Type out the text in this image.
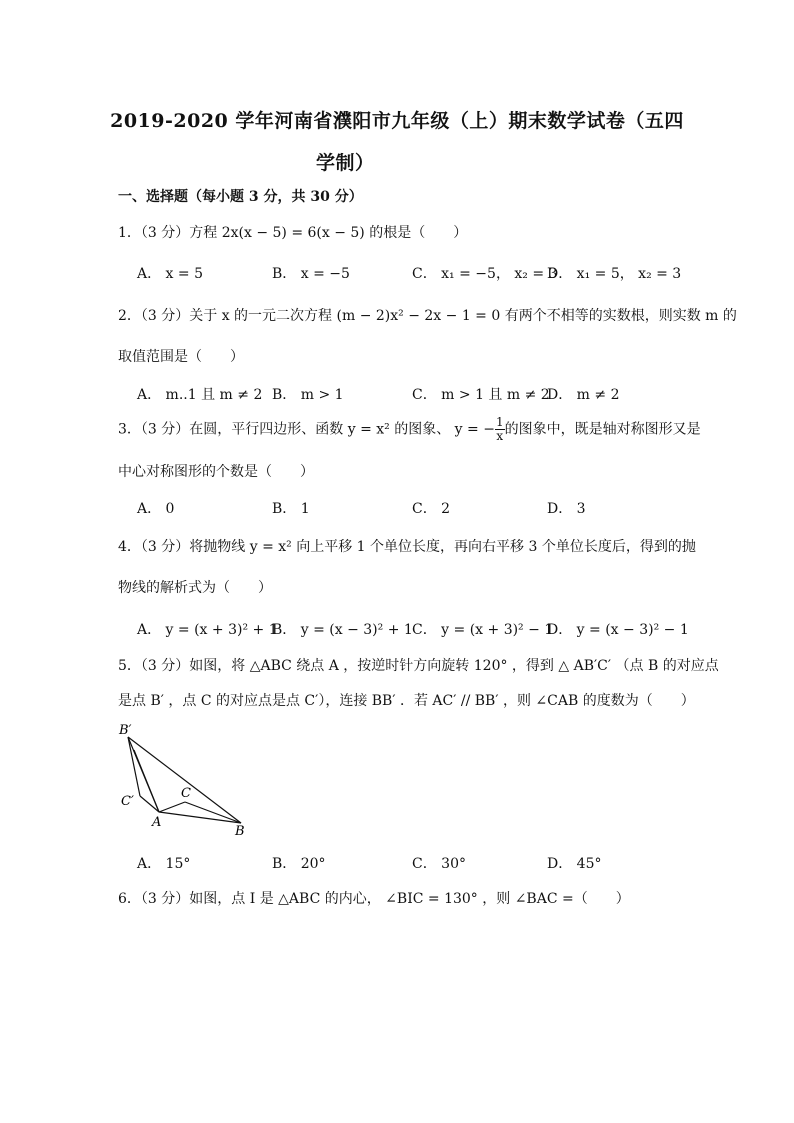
2019-2020 学年河南省濮阳市九年级（上）期末数学试卷（五四
学制）
一、选择题（每小题 3 分，共 30 分）
1．（3 分）方程 2x(x − 5) = 6(x − 5) 的根是（　　）
A． x = 5	B． x = −5	C． x₁ = −5， x₂ = 3
D． x₁ = 5， x₂ = 3
2．（3 分）关于 x 的一元二次方程 (m − 2)x² − 2x − 1 = 0 有两个不相等的实数根，则实数 m 的
取值范围是（　　）
A． m..1 且 m ≠ 2 B． m > 1	C． m > 1 且 m ≠ 2
D． m ≠ 2
3．（3 分）在圆，平行四边形、函数 y = x² 的图象、 y = − $\frac{1}{x}$ 的图象中，既是轴对称图形又是
中心对称图形的个数是（　　）
A． 0	B． 1	C． 2	D． 3
4．（3 分）将抛物线 y = x² 向上平移 1 个单位长度，再向右平移 3 个单位长度后，得到的抛
物线的解析式为（　　）
A． y = (x + 3)² + 1
B． y = (x − 3)² + 1 C． y = (x + 3)² − 1
D． y = (x − 3)² − 1
5．（3 分）如图，将 △ABC 绕点 A ，按逆时针方向旋转 120° ，得到 △ AB′C′ （点 B 的对应点
是点 B′ ，点 C 的对应点是点 C′），连接 BB′ ．若 AC′ // BB′ ，则 ∠CAB 的度数为（　　）
B′
C′
C
A
B
A． 15°	B． 20°	C． 30°	D． 45°
6．（3 分）如图，点 I 是 △ABC 的内心， ∠BIC = 130° ，则 ∠BAC =（　　）
